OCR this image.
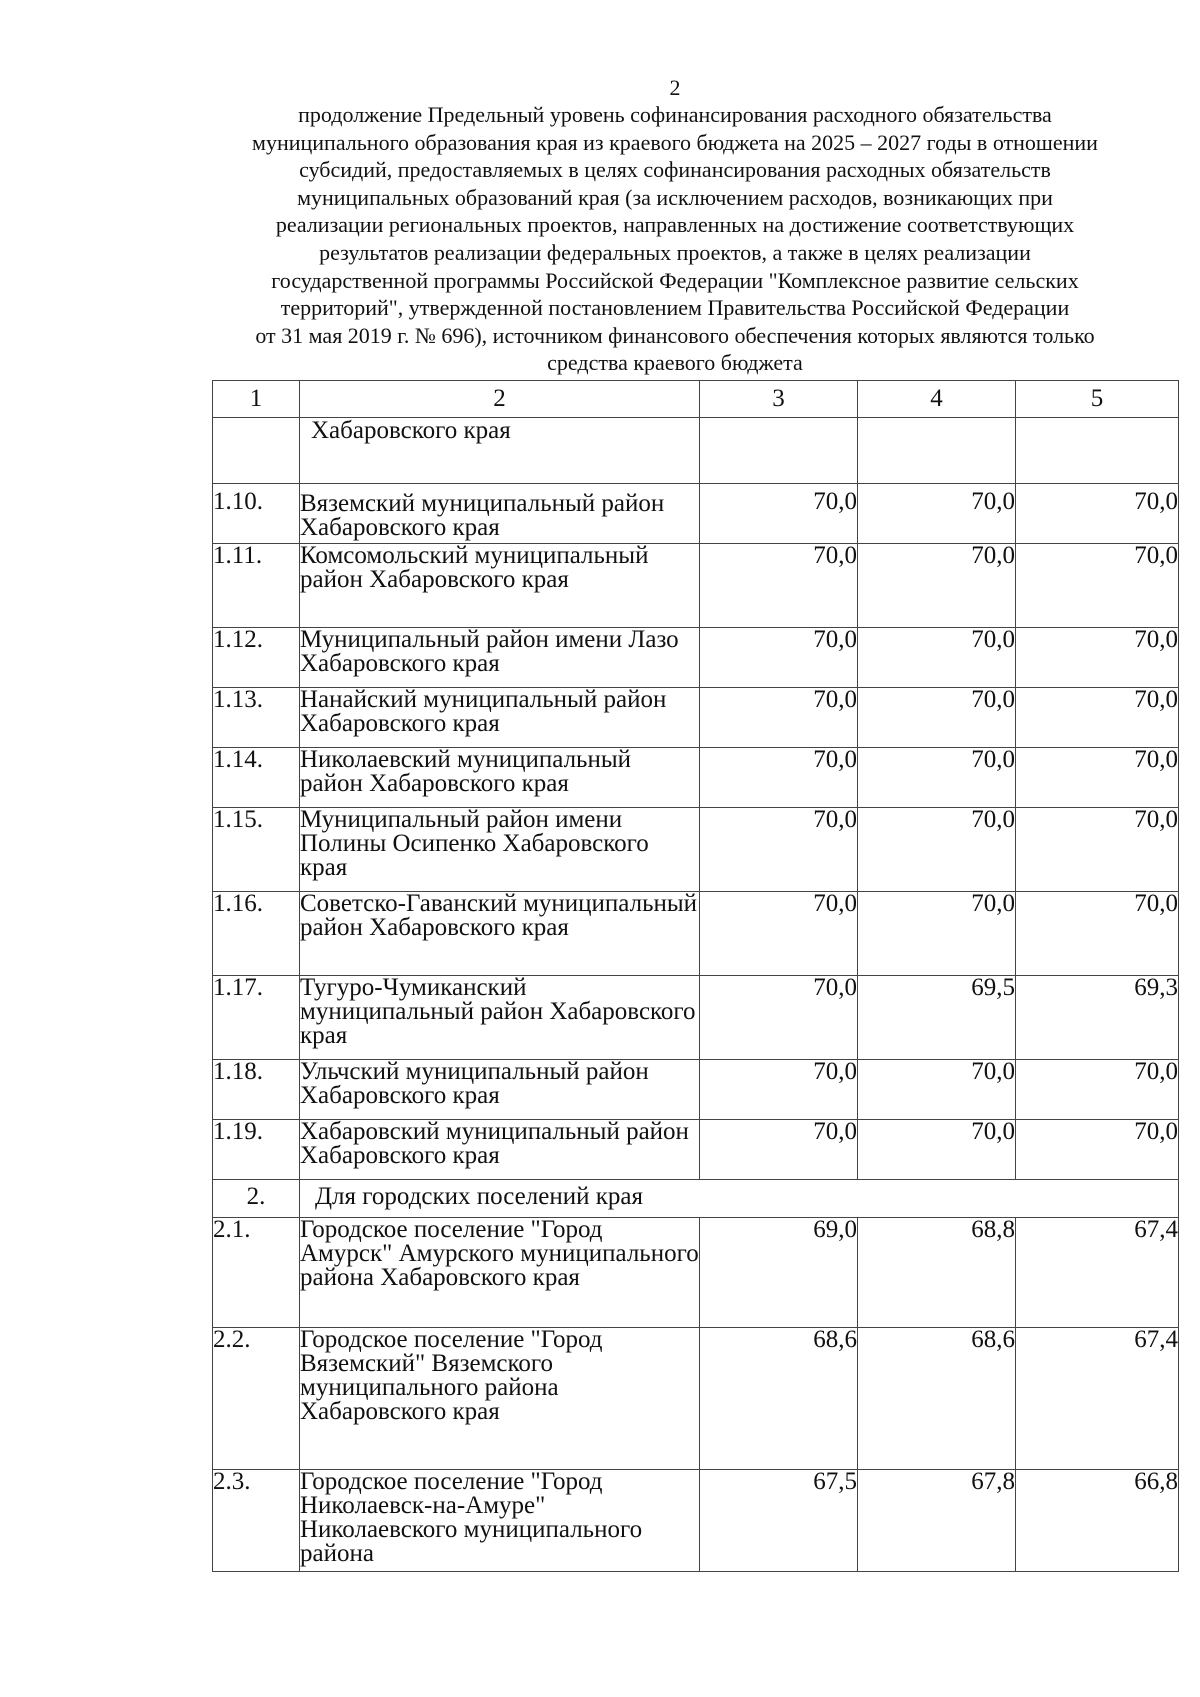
2
продолжение Предельный уровень софинансирования расходного обязательства
муниципального образования края из краевого бюджета на 2025 – 2027 годы в отношении
субсидий, предоставляемых в целях софинансирования расходных обязательств
муниципальных образований края (за исключением расходов, возникающих при
реализации региональных проектов, направленных на достижение соответствующих
результатов реализации федеральных проектов, а также в целях реализации
государственной программы Российской Федерации "Комплексное развитие сельских
территорий", утвержденной постановлением Правительства Российской Федерации
от 31 мая 2019 г. № 696), источником финансового обеспечения которых являются только
средства краевого бюджета
1	2	3	4	5
	Хабаровского края			
1.10.	Вяземский муниципальный район Хабаровского края	70,0	70,0	70,0
1.11.	Комсомольский муниципальный район Хабаровского края	70,0	70,0	70,0
1.12.	Муниципальный район имени Лазо Хабаровского края	70,0	70,0	70,0
1.13.	Нанайский муниципальный район Хабаровского края	70,0	70,0	70,0
1.14.	Николаевский муниципальный район Хабаровского края	70,0	70,0	70,0
1.15.	Муниципальный район имени Полины Осипенко Хабаровского края	70,0	70,0	70,0
1.16.	Советско-Гаванский муниципальный район Хабаровского края	70,0	70,0	70,0
1.17.	Тугуро-Чумиканский муниципальный район Хабаровского края	70,0	69,5	69,3
1.18.	Ульчский муниципальный район Хабаровского края	70,0	70,0	70,0
1.19.	Хабаровский муниципальный район Хабаровского края	70,0	70,0	70,0
2.	Для городских поселений края			
2.1.	Городское поселение "Город Амурск" Амурского муниципального района Хабаровского края	69,0	68,8	67,4
2.2.	Городское поселение "Город Вяземский" Вяземского муниципального района Хабаровского края	68,6	68,6	67,4
2.3.	Городское поселение "Город Николаевск-на-Амуре" Николаевского муниципального района	67,5	67,8	66,8
